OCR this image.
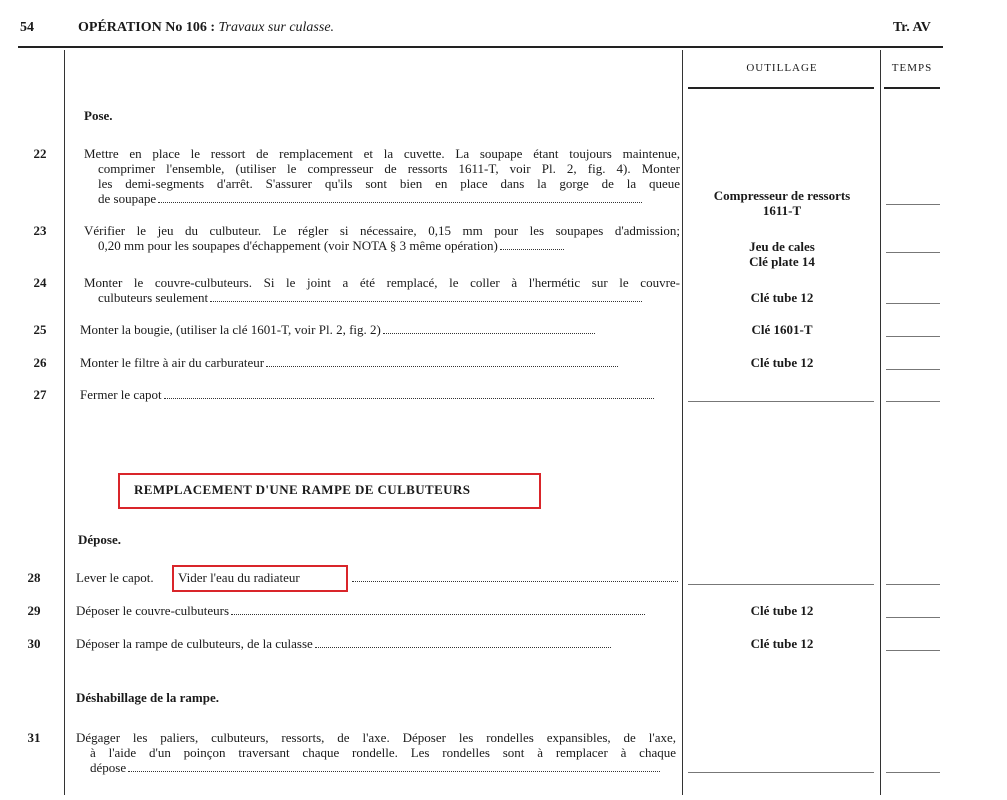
54	OPÉRATION No 106 : Travaux sur culasse.	Tr. AV
OUTILLAGE	TEMPS
Pose.
22	Mettre en place le ressort de remplacement et la cuvette. La soupape étant toujours maintenue,
comprimer l'ensemble, (utiliser le compresseur de ressorts 1611-T, voir Pl. 2, fig. 4). Monter
les demi-segments d'arrêt. S'assurer qu'ils sont bien en place dans la gorge de la queue
de soupape	Compresseur de ressorts
1611-T
23	Vérifier le jeu du culbuteur. Le régler si nécessaire, 0,15 mm pour les soupapes d'admission;
0,20 mm pour les soupapes d'échappement (voir NOTA § 3 même opération)	Jeu de cales
Clé plate 14
24	Monter le couvre-culbuteurs. Si le joint a été remplacé, le coller à l'hermétic sur le couvre-
culbuteurs seulement	Clé tube 12
25	Monter la bougie, (utiliser la clé 1601-T, voir Pl. 2, fig. 2)	Clé 1601-T
26	Monter le filtre à air du carburateur	Clé tube 12
27	Fermer le capot
REMPLACEMENT D'UNE RAMPE DE CULBUTEURS
Dépose.
28	Lever le capot. Vider l'eau du radiateur
29	Déposer le couvre-culbuteurs	Clé tube 12
30	Déposer la rampe de culbuteurs, de la culasse	Clé tube 12
Déshabillage de la rampe.
31	Dégager les paliers, culbuteurs, ressorts, de l'axe. Déposer les rondelles expansibles, de l'axe,
à l'aide d'un poinçon traversant chaque rondelle. Les rondelles sont à remplacer à chaque
dépose
